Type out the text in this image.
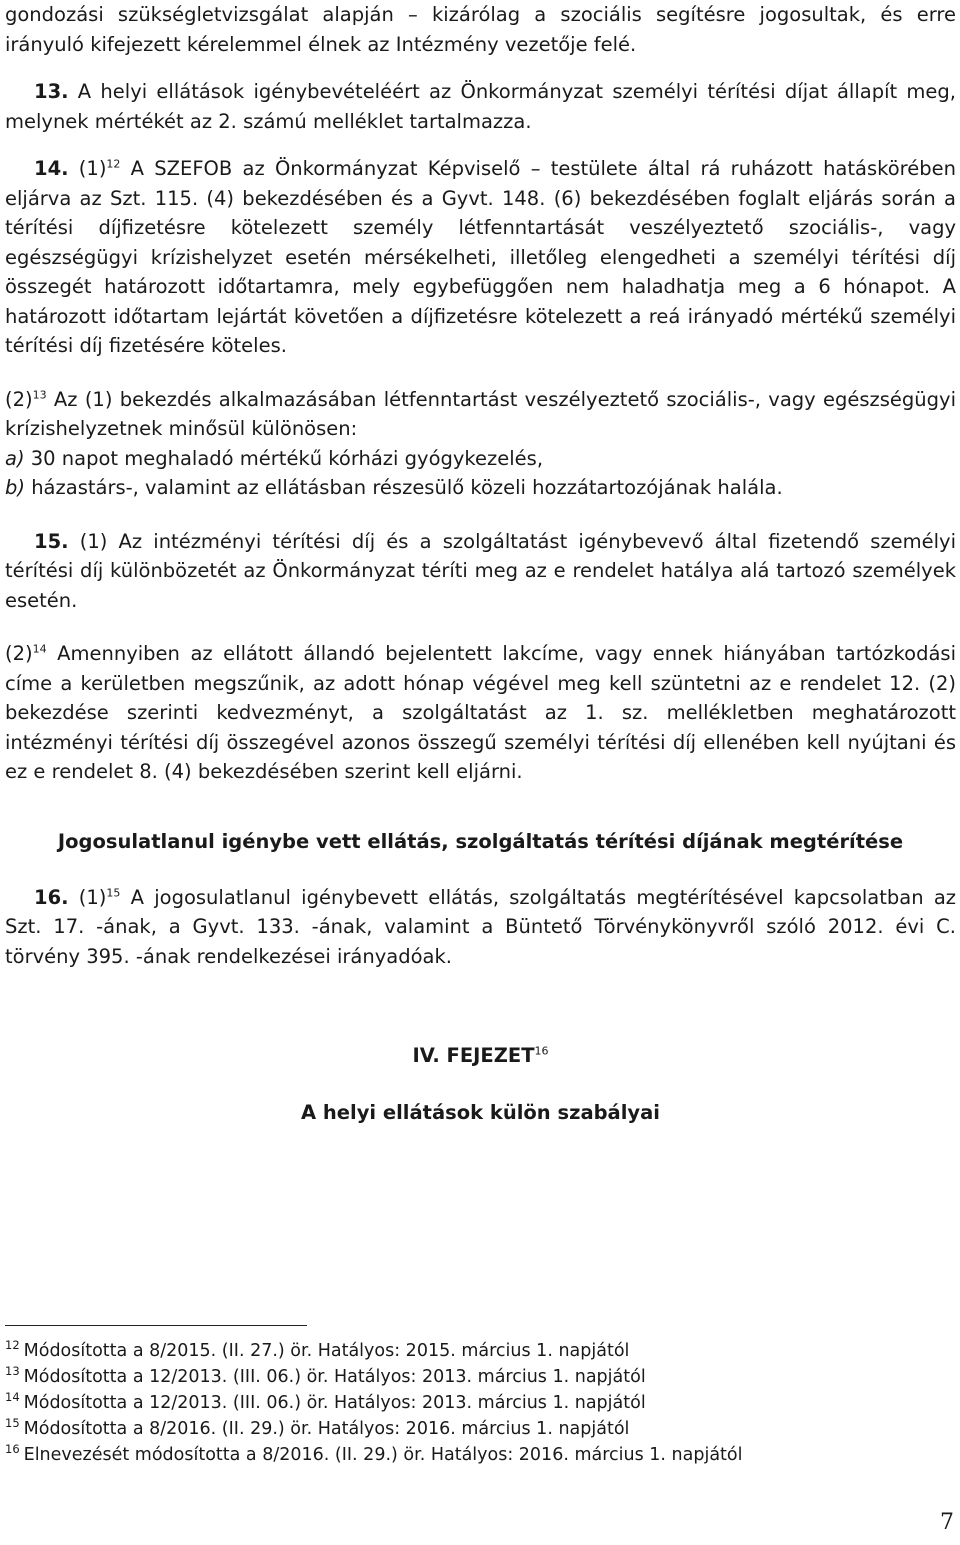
gondozási szükségletvizsgálat alapján – kizárólag a szociális segítésre jogosultak, és erre irányuló kifejezett kérelemmel élnek az Intézmény vezetője felé.

13. A helyi ellátások igénybevételéért az Önkormányzat személyi térítési díjat állapít meg, melynek mértékét az 2. számú melléklet tartalmazza.

14. $(1)^{12}$ A SZEFOB az Önkormányzat Képviselő – testülete által rá ruházott hatáskörében eljárva az Szt. 115. (4) bekezdésében és a Gyvt. 148. (6) bekezdésében foglalt eljárás során a térítési díjfizetésre kötelezett személy létfenntartását veszélyeztető szociális-, vagy egészségügyi krízishelyzet esetén mérsékelheti, illetőleg elengedheti a személyi térítési díj összegét határozott időtartamra, mely egybefüggően nem haladhatja meg a 6 hónapot. A határozott időtartam lejártát követően a díjfizetésre kötelezett a reá irányadó mértékű személyi térítési díj fizetésére köteles.

$(2)^{13}$ Az (1) bekezdés alkalmazásában létfenntartást veszélyeztető szociális-, vagy egészségügyi krízishelyzetnek minősül különösen:

a) 30 napot meghaladó mértékű kórházi gyógykezelés,

b) házastárs-, valamint az ellátásban részesülő közeli hozzátartozójának halála.

15. (1) Az intézményi térítési díj és a szolgáltatást igénybevevő által fizetendő személyi térítési díj különbözetét az Önkormányzat téríti meg az e rendelet hatálya alá tartozó személyek esetén.

$(2)^{14}$ Amennyiben az ellátott állandó bejelentett lakcíme, vagy ennek hiányában tartózkodási címe a kerületben megszűnik, az adott hónap végével meg kell szüntetni az e rendelet 12. (2) bekezdése szerinti kedvezményt, a szolgáltatást az 1. sz. mellékletben meghatározott intézményi térítési díj összegével azonos összegű személyi térítési díj ellenében kell nyújtani és ez e rendelet 8. (4) bekezdésében szerint kell eljárni.

Jogosulatlanul igénybe vett ellátás, szolgáltatás térítési díjának megtérítése

16. $(1)^{15}$ A jogosulatlanul igénybevett ellátás, szolgáltatás megtérítésével kapcsolatban az Szt. 17. -ának, a Gyvt. 133. -ának, valamint a Büntető Törvénykönyvről szóló 2012. évi C. törvény 395. -ának rendelkezései irányadóak.

IV. FEJEZET$^{16}$
A helyi ellátások külön szabályai
$^{12}$ Módosította a 8/2015. (II. 27.) ör. Hatályos: 2015. március 1. napjától
$^{13}$ Módosította a 12/2013. (III. 06.) ör. Hatályos: 2013. március 1. napjától
$^{14}$ Módosította a 12/2013. (III. 06.) ör. Hatályos: 2013. március 1. napjától
$^{15}$ Módosította a 8/2016. (II. 29.) ör. Hatályos: 2016. március 1. napjától
$^{16}$ Elnevezését módosította a 8/2016. (II. 29.) ör. Hatályos: 2016. március 1. napjától
7
